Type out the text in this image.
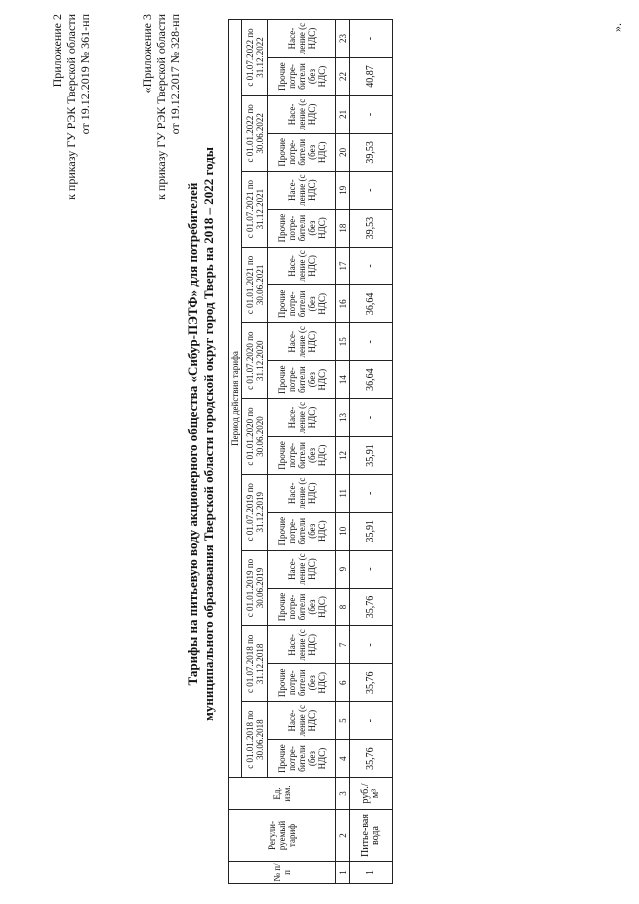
Приложение 2 к приказу ГУ РЭК Тверской области от 19.12.2019 № 361-нп	«Приложение 3 к приказу ГУ РЭК Тверской области от 19.12.2017 № 328-нп
Тарифы на питьевую воду акционерного общества «Сибур-ПЭТФ» для потребителей муниципального образования Тверской области городской округ город Тверь на 2018 – 2022 годы
№ п/п	Регули-руемый тариф	Ед. изм.	Период действия тарифа																			
			с 01.01.2018 по 30.06.2018		с 01.07.2018 по 31.12.2018		с 01.01.2019 по 30.06.2019		с 01.07.2019 по 31.12.2019		с 01.01.2020 по 30.06.2020		с 01.07.2020 по 31.12.2020		с 01.01.2021 по 30.06.2021		с 01.07.2021 по 31.12.2021		с 01.01.2022 по 30.06.2022		с 01.07.2022 по 31.12.2022	
			Прочие потре-бители (без НДС)	Насе-ление (с НДС)	Прочие потре-бители (без НДС)	Насе-ление (с НДС)	Прочие потре-бители (без НДС)	Насе-ление (с НДС)	Прочие потре-бители (без НДС)	Насе-ление (с НДС)	Прочие потре-бители (без НДС)	Насе-ление (с НДС)	Прочие потре-бители (без НДС)	Насе-ление (с НДС)	Прочие потре-бители (без НДС)	Насе-ление (с НДС)	Прочие потре-бители (без НДС)	Насе-ление (с НДС)	Прочие потре-бители (без НДС)	Насе-ление (с НДС)	Прочие потре-бители (без НДС)	Насе-ление (с НДС)
1	2	3	4	5	6	7	8	9	10	11	12	13	14	15	16	17	18	19	20	21	22	23
1	Питье-вая вода	руб./м³	35,76	-	35,76	-	35,76	-	35,91	-	35,91	-	36,64	-	36,64	-	39,53	-	39,53	-	40,87	-
».
